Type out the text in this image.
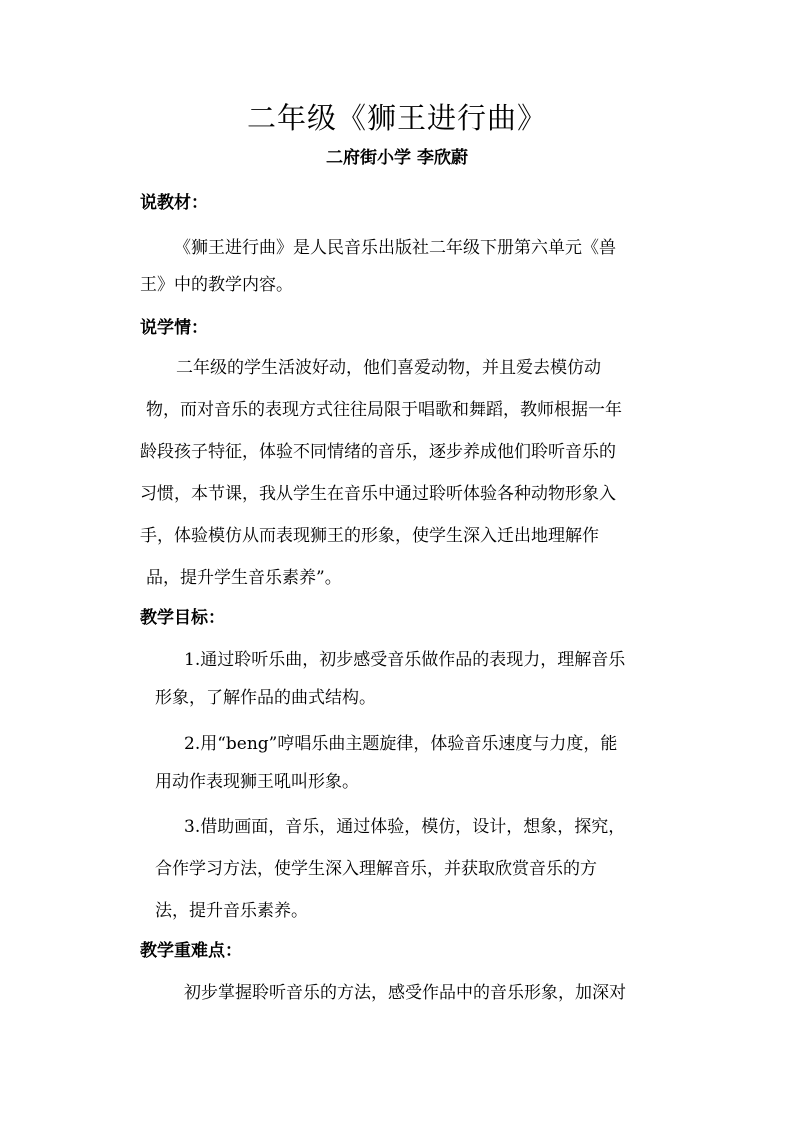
二年级《狮王进行曲》
二府街小学 李欣蔚
说教材：
《狮王进行曲》是人民音乐出版社二年级下册第六单元《兽
王》中的教学内容。
说学情：
二年级的学生活波好动，他们喜爱动物，并且爱去模仿动
物，而对音乐的表现方式往往局限于唱歌和舞蹈，教师根据一年
龄段孩子特征，体验不同情绪的音乐，逐步养成他们聆听音乐的
习惯，本节课，我从学生在音乐中通过聆听体验各种动物形象入
手，体验模仿从而表现狮王的形象，使学生深入迁出地理解作
品，提升学生音乐素养”。
教学目标：
1.通过聆听乐曲，初步感受音乐做作品的表现力，理解音乐
形象，了解作品的曲式结构。
2.用“beng”哼唱乐曲主题旋律，体验音乐速度与力度，能
用动作表现狮王吼叫形象。
3.借助画面，音乐，通过体验，模仿，设计，想象，探究，
合作学习方法，使学生深入理解音乐，并获取欣赏音乐的方
法，提升音乐素养。
教学重难点：
初步掌握聆听音乐的方法，感受作品中的音乐形象，加深对
